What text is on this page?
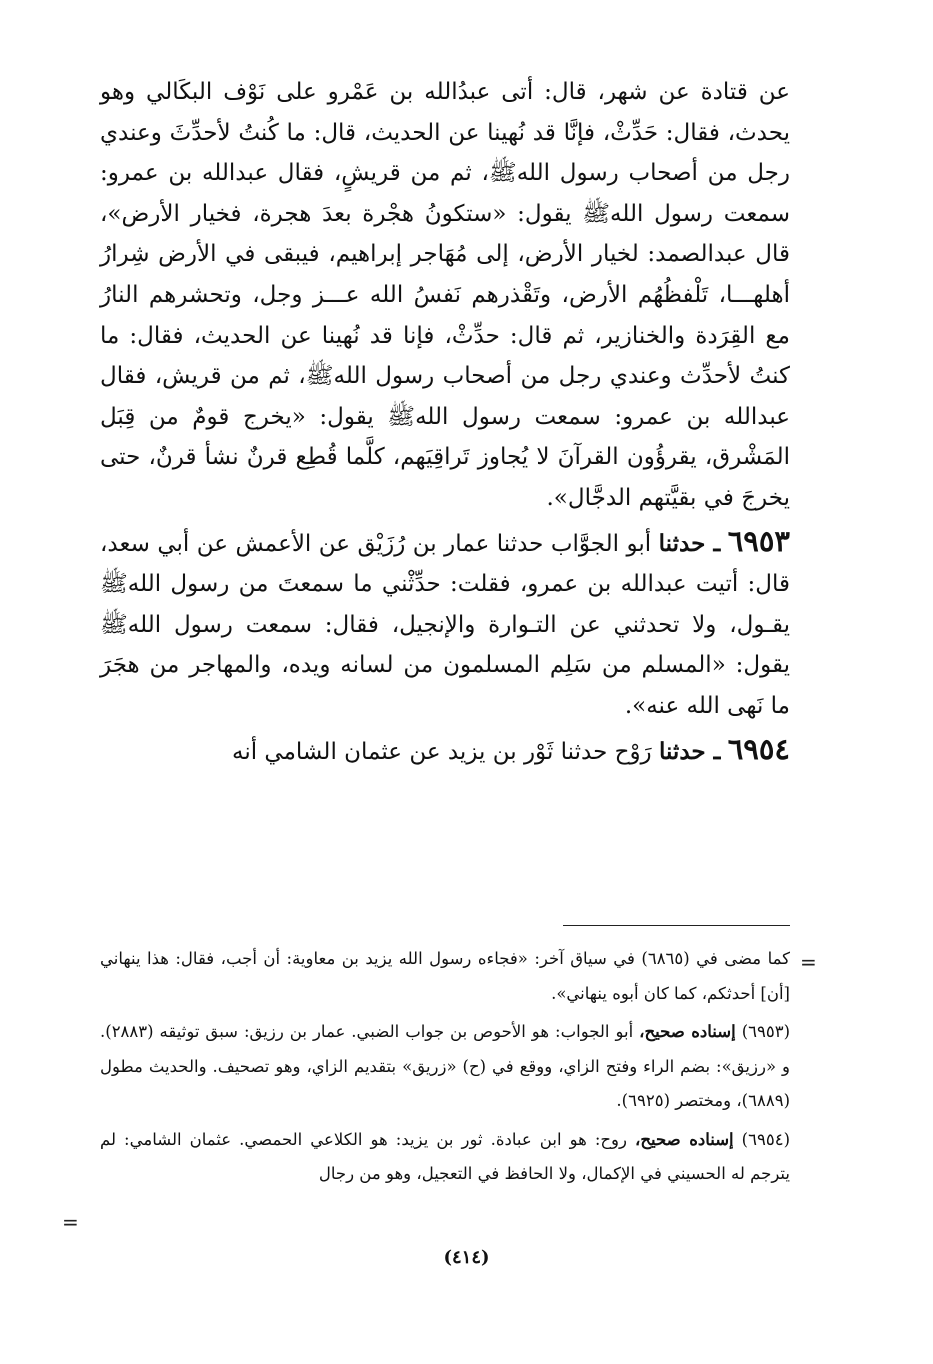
عن قتادة عن شهر، قال: أتى عبدُالله بن عَمْرو على نَوْف البكَالي وهو يحدث، فقال: حَدِّثْ، فإنَّا قد نُهينا عن الحديث، قال: ما كُنتُ لأحدِّثَ وعندي رجل من أصحاب رسول اللهﷺ، ثم من قريشٍ، فقال عبدالله بن عمرو: سمعت رسول اللهﷺ يقول: «ستكونُ هجْرة بعدَ هجرة، فخيار الأرض»، قال عبدالصمد: لخيار الأرض، إلى مُهَاجر إبراهيم، فيبقى في الأرض شِرارُ أهلهـــا، تَلْفظُهُم الأرض، وتَقْذرهم نَفسُ الله عـــز وجل، وتحشرهم النارُ مع القِرَدة والخنازير، ثم قال: حدِّثْ، فإنا قد نُهينا عن الحديث، فقال: ما كنتُ لأحدِّث وعندي رجل من أصحاب رسول اللهﷺ، ثم من قريش، فقال عبدالله بن عمرو: سمعت رسول اللهﷺ يقول: «يخرج قومٌ من قِبَل المَشْرق، يقرؤُون القرآنَ لا يُجاوز تَراقِيَهم، كلَّما قُطِع قرنٌ نشأ قرنٌ، حتى يخرجَ في بقيَّتهم الدجَّال».

٦٩٥٣ ـ حدثنا أبو الجوَّاب حدثنا عمار بن رُزَيْق عن الأعمش عن أبي سعد، قال: أتيت عبدالله بن عمرو، فقلت: حدِّثْني ما سمعتَ من رسول اللهﷺ يقـول، ولا تحدثني عن التـوارة والإنجيل، فقال: سمعت رسول اللهﷺ يقول: «المسلم من سَلِم المسلمون من لسانه ويده، والمهاجر من هجَرَ ما نَهى الله عنه».

٦٩٥٤ ـ حدثنا رَوْح حدثنا ثَوْر بن يزيد عن عثمان الشامي أنه

=

كما مضى في (٦٨٦٥) في سياق آخر: «فجاءه رسول الله يزيد بن معاوية: أن أجب، فقال: هذا ينهاني [أن] أحدثكم، كما كان أبوه ينهاني».

(٦٩٥٣) إسناده صحيح، أبو الجواب: هو الأحوص بن جواب الضبي. عمار بن رزيق: سبق توثيقه (٢٨٨٣). و «رزيق»: بضم الراء وفتح الزاي، ووقع في (ح) «زريق» بتقديم الزاي، وهو تصحيف. والحديث مطول (٦٨٨٩)، ومختصر (٦٩٢٥).

(٦٩٥٤) إسناده صحيح، روح: هو ابن عبادة. ثور بن يزيد: هو الكلاعي الحمصي. عثمان الشامي: لم يترجم له الحسيني في الإكمال، ولا الحافظ في التعجيل، وهو من رجال

=
(٤١٤)
